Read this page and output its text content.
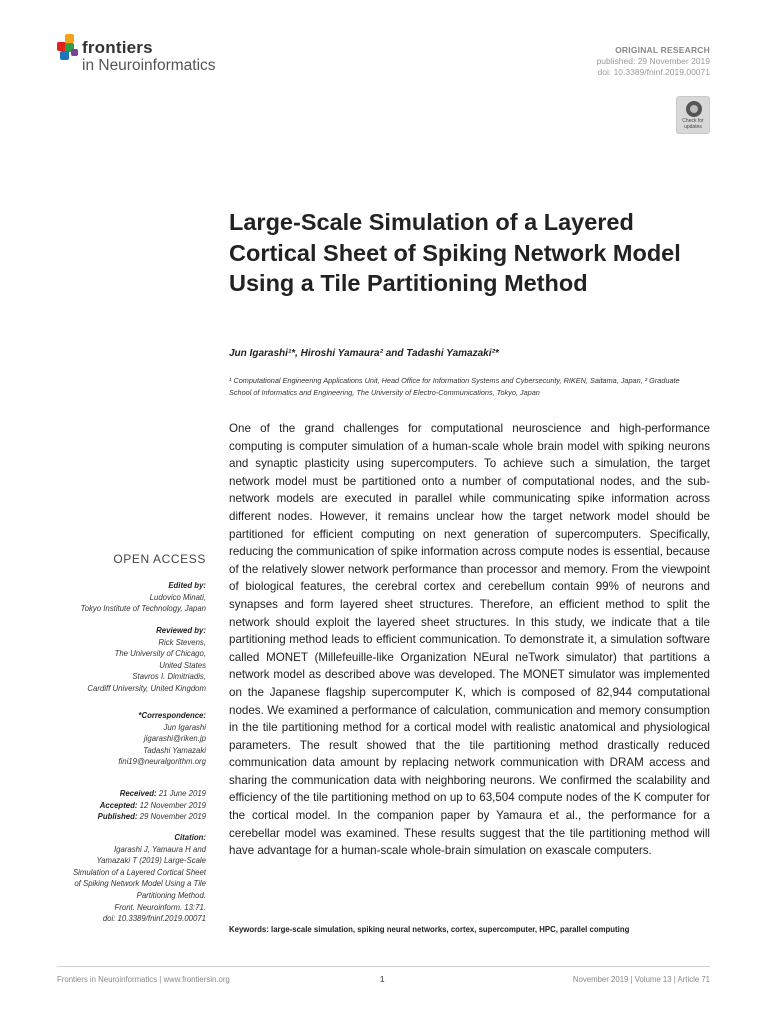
frontiers
in Neuroinformatics
ORIGINAL RESEARCH
published: 29 November 2019
doi: 10.3389/fninf.2019.00071
Check for
updates
Large-Scale Simulation of a Layered Cortical Sheet of Spiking Network Model Using a Tile Partitioning Method
Jun Igarashi¹*, Hiroshi Yamaura² and Tadashi Yamazaki²*
¹ Computational Engineering Applications Unit, Head Office for Information Systems and Cybersecurity, RIKEN, Saitama, Japan, ² Graduate School of Informatics and Engineering, The University of Electro-Communications, Tokyo, Japan
One of the grand challenges for computational neuroscience and high-performance computing is computer simulation of a human-scale whole brain model with spiking neurons and synaptic plasticity using supercomputers. To achieve such a simulation, the target network model must be partitioned onto a number of computational nodes, and the sub-network models are executed in parallel while communicating spike information across different nodes. However, it remains unclear how the target network model should be partitioned for efficient computing on next generation of supercomputers. Specifically, reducing the communication of spike information across compute nodes is essential, because of the relatively slower network performance than processor and memory. From the viewpoint of biological features, the cerebral cortex and cerebellum contain 99% of neurons and synapses and form layered sheet structures. Therefore, an efficient method to split the network should exploit the layered sheet structures. In this study, we indicate that a tile partitioning method leads to efficient communication. To demonstrate it, a simulation software called MONET (Millefeuille-like Organization NEural neTwork simulator) that partitions a network model as described above was developed. The MONET simulator was implemented on the Japanese flagship supercomputer K, which is composed of 82,944 computational nodes. We examined a performance of calculation, communication and memory consumption in the tile partitioning method for a cortical model with realistic anatomical and physiological parameters. The result showed that the tile partitioning method drastically reduced communication data amount by replacing network communication with DRAM access and sharing the communication data with neighboring neurons. We confirmed the scalability and efficiency of the tile partitioning method on up to 63,504 compute nodes of the K computer for the cortical model. In the companion paper by Yamaura et al., the performance for a cerebellar model was examined. These results suggest that the tile partitioning method will have advantage for a human-scale whole-brain simulation on exascale computers.
Keywords: large-scale simulation, spiking neural networks, cortex, supercomputer, HPC, parallel computing
OPEN ACCESS
Edited by:
Ludovico Minati,
Tokyo Institute of Technology, Japan
Reviewed by:
Rick Stevens,
The University of Chicago,
United States
Stavros I. Dimitriadis,
Cardiff University, United Kingdom
*Correspondence:
Jun Igarashi
jigarashi@riken.jp
Tadashi Yamazaki
fini19@neuralgorithm.org
Received: 21 June 2019
Accepted: 12 November 2019
Published: 29 November 2019
Citation:
Igarashi J, Yamaura H and
Yamazaki T (2019) Large-Scale
Simulation of a Layered Cortical Sheet
of Spiking Network Model Using a Tile
Partitioning Method.
Front. Neuroinform. 13:71.
doi: 10.3389/fninf.2019.00071
Frontiers in Neuroinformatics | www.frontiersin.org	1	November 2019 | Volume 13 | Article 71
